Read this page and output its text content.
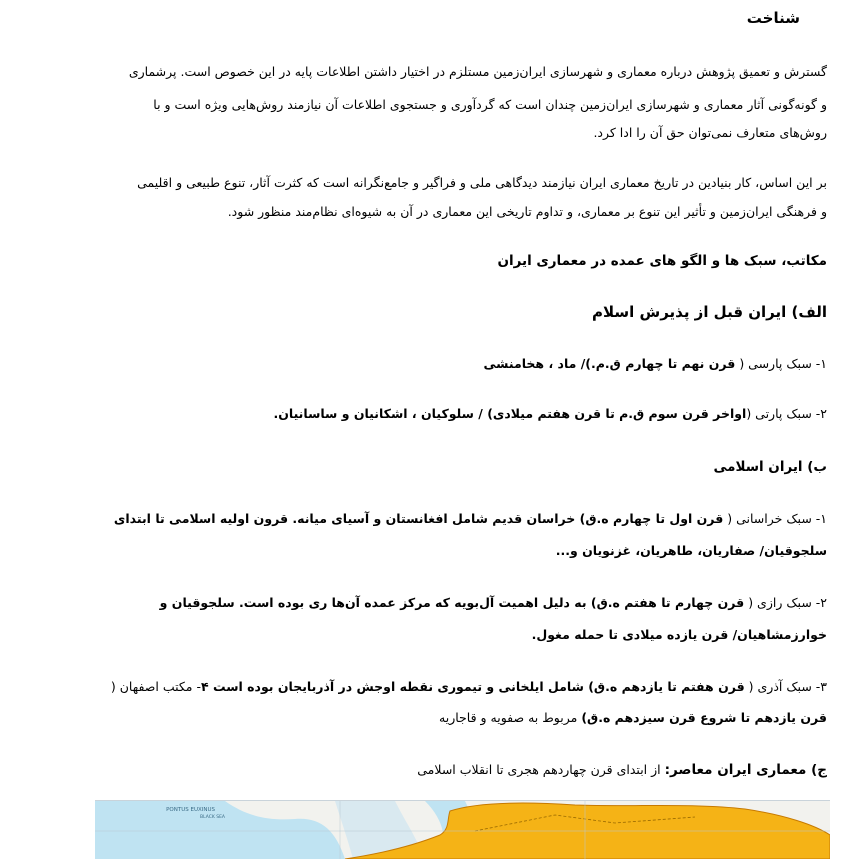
شناخت
گسترش و تعمیق پژوهش درباره معماری و شهرسازی ایران‌زمین مستلزم در اختیار داشتن اطلاعات پایه در این خصوص است. پرشماری
و گونه‌گونی آثار معماری و شهرسازی ایران‌زمین چندان است که گردآوری و جستجوی اطلاعات آن نیازمند روش‌هایی ویژه است و با
روش‌های متعارف نمی‌توان حق آن را ادا کرد.
بر این اساس، کار بنیادین در تاریخ معماری ایران نیازمند دیدگاهی ملی و فراگیر و جامع‌نگرانه است که کثرت آثار، تنوع طبیعی و اقلیمی
و فرهنگی ایران‌زمین و تأثیر این تنوع بر معماری، و تداوم تاریخی این معماری در آن به شیوه‌ای نظام‌مند منظور شود.
مکاتب، سبک ها و الگو های عمده در معماری ایران
الف) ایران قبل از پذیرش اسلام
۱- سبک پارسی ( قرن نهم تا چهارم ق.م.)/ ماد ، هخامنشی
۲- سبک پارتی (اواخر قرن سوم ق.م تا قرن هفتم میلادی) / سلوکیان ، اشکانیان و ساسانیان.
ب) ایران اسلامی
۱- سبک خراسانی ( قرن اول تا چهارم ه.ق) خراسان قدیم شامل افغانستان و آسیای میانه. قرون اولیه اسلامی تا ابتدای
سلجوقیان/ صفاریان، طاهریان، غزنویان و...
۲- سبک رازی ( قرن چهارم تا هفتم ه.ق) به دلیل اهمیت آل‌بویه که مرکز عمده آن‌ها ری بوده است. سلجوقیان و
خوارزمشاهیان/ قرن یازده میلادی تا حمله مغول.
۳- سبک آذری ( قرن هفتم تا یازدهم ه.ق) شامل ایلخانی و تیموری نقطه اوجش در آذربایجان بوده است ۴- مکتب اصفهان (
قرن یازدهم تا شروع قرن سیزدهم ه.ق) مربوط به صفویه و قاجاریه
ج) معماری ایران معاصر: از ابتدای قرن چهاردهم هجری تا انقلاب اسلامی
PONTUS EUXINUS
BLACK SEA
